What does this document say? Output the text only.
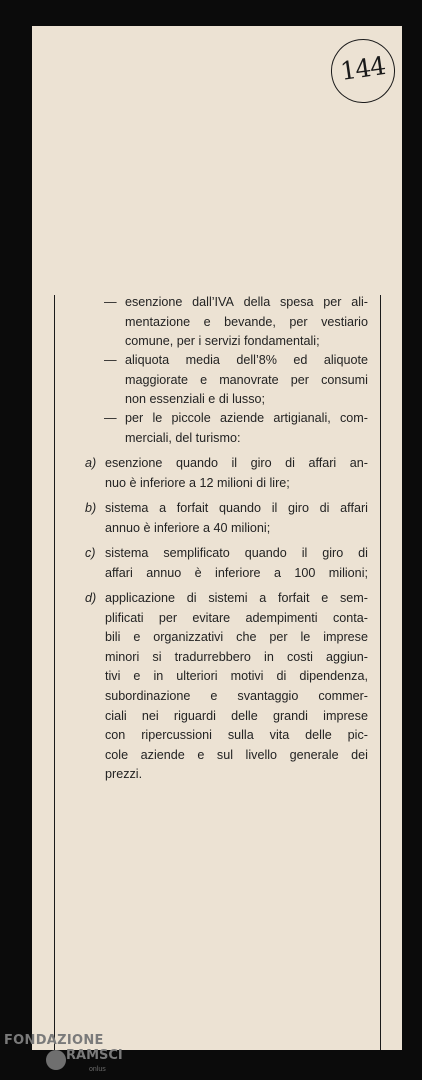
144
— esenzione dall’IVA della spesa per ali-
mentazione e bevande, per vestiario
comune, per i servizi fondamentali;
— aliquota media dell’8% ed aliquote
maggiorate e manovrate per consumi
non essenziali e di lusso;
— per le piccole aziende artigianali, com-
merciali, del turismo:
a) esenzione quando il giro di affari an-
nuo è inferiore a 12 milioni di lire;
b) sistema a forfait quando il giro di affari
annuo è inferiore a 40 milioni;
c) sistema semplificato quando il giro di
affari annuo è inferiore a 100 milioni;
d) applicazione di sistemi a forfait e sem-
plificati per evitare adempimenti conta-
bili e organizzativi che per le imprese
minori si tradurrebbero in costi aggiun-
tivi e in ulteriori motivi di dipendenza,
subordinazione e svantaggio commer-
ciali nei riguardi delle grandi imprese
con ripercussioni sulla vita delle pic-
cole aziende e sul livello generale dei
prezzi.
FONDAZIONE
RAMSCI
onlus
